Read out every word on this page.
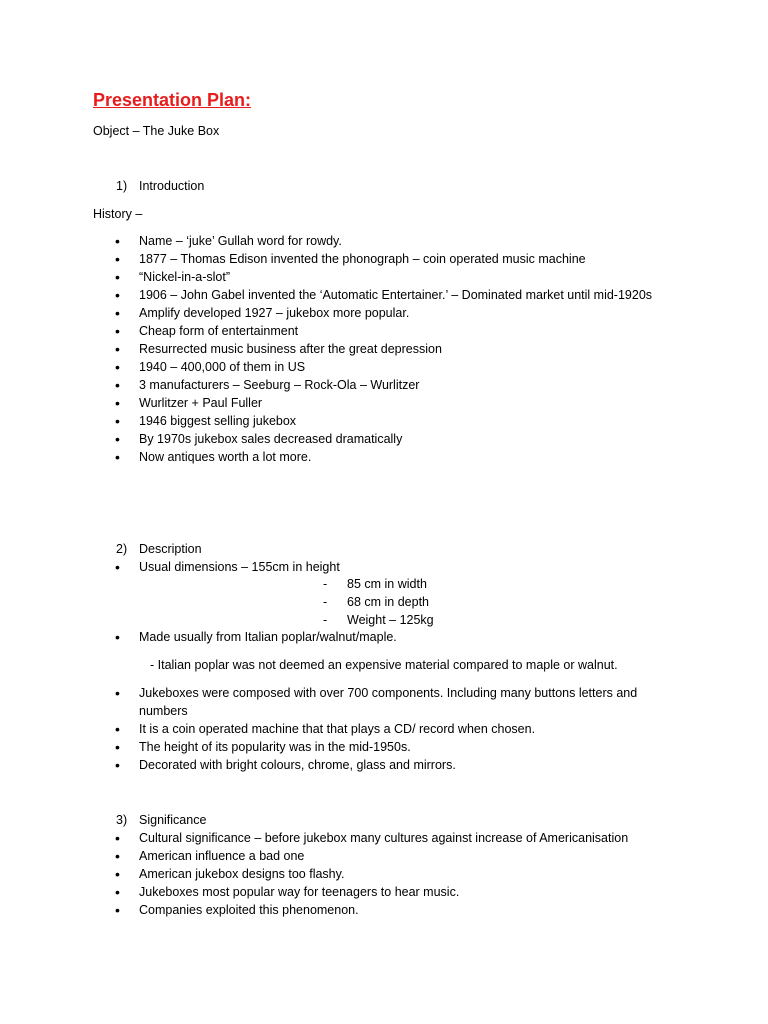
Presentation Plan:
Object – The Juke Box
1) Introduction
History –
• Name – ‘juke’ Gullah word for rowdy.
• 1877 – Thomas Edison invented the phonograph – coin operated music machine
• “Nickel-in-a-slot”
• 1906 – John Gabel invented the ‘Automatic Entertainer.’ – Dominated market until mid-1920s
• Amplify developed 1927 – jukebox more popular.
• Cheap form of entertainment
• Resurrected music business after the great depression
• 1940 – 400,000 of them in US
• 3 manufacturers – Seeburg – Rock-Ola – Wurlitzer
• Wurlitzer + Paul Fuller
• 1946 biggest selling jukebox
• By 1970s jukebox sales decreased dramatically
• Now antiques worth a lot more.
2) Description
• Usual dimensions – 155cm in height
- 85 cm in width
- 68 cm in depth
- Weight – 125kg
• Made usually from Italian poplar/walnut/maple.
- Italian poplar was not deemed an expensive material compared to maple or walnut.
• Jukeboxes were composed with over 700 components. Including many buttons letters and numbers
• It is a coin operated machine that that plays a CD/ record when chosen.
• The height of its popularity was in the mid-1950s.
• Decorated with bright colours, chrome, glass and mirrors.
3) Significance
• Cultural significance – before jukebox many cultures against increase of Americanisation
• American influence a bad one
• American jukebox designs too flashy.
• Jukeboxes most popular way for teenagers to hear music.
• Companies exploited this phenomenon.
